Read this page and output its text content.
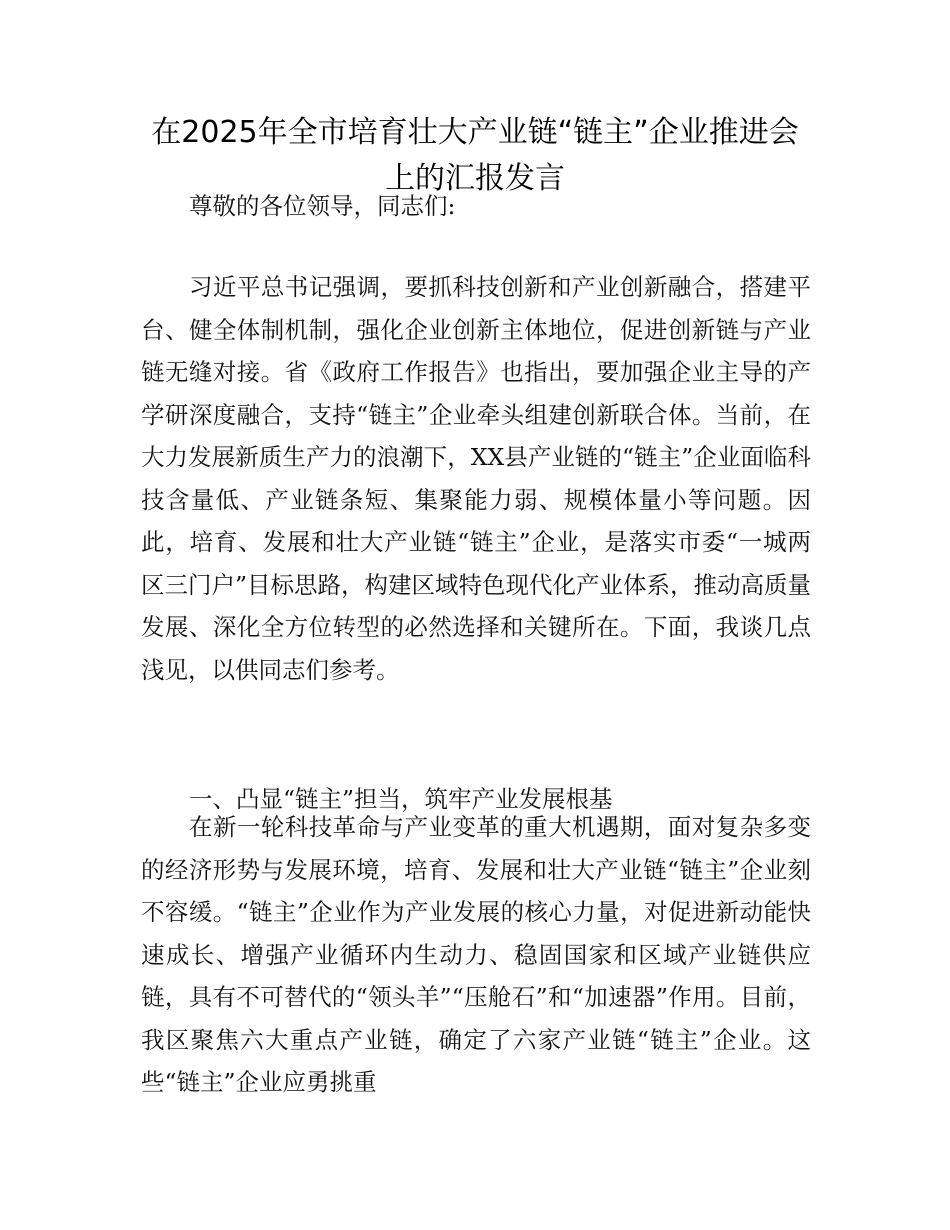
在2025年全市培育壮大产业链“链主”企业推进会上的汇报发言
尊敬的各位领导，同志们:

习近平总书记强调，要抓科技创新和产业创新融合，搭建平台、健全体制机制，强化企业创新主体地位，促进创新链与产业链无缝对接。省《政府工作报告》也指出，要加强企业主导的产学研深度融合，支持“链主”企业牵头组建创新联合体。当前，在大力发展新质生产力的浪潮下，XX县产业链的“链主”企业面临科技含量低、产业链条短、集聚能力弱、规模体量小等问题。因此，培育、发展和壮大产业链“链主”企业，是落实市委“一城两区三门户”目标思路，构建区域特色现代化产业体系，推动高质量发展、深化全方位转型的必然选择和关键所在。下面，我谈几点浅见，以供同志们参考。

一、凸显“链主”担当，筑牢产业发展根基

在新一轮科技革命与产业变革的重大机遇期，面对复杂多变的经济形势与发展环境，培育、发展和壮大产业链“链主”企业刻不容缓。“链主”企业作为产业发展的核心力量，对促进新动能快速成长、增强产业循环内生动力、稳固国家和区域产业链供应链，具有不可替代的“领头羊”“压舱石”和“加速器”作用。目前，我区聚焦六大重点产业链，确定了六家产业链“链主”企业。这些“链主”企业应勇挑重
